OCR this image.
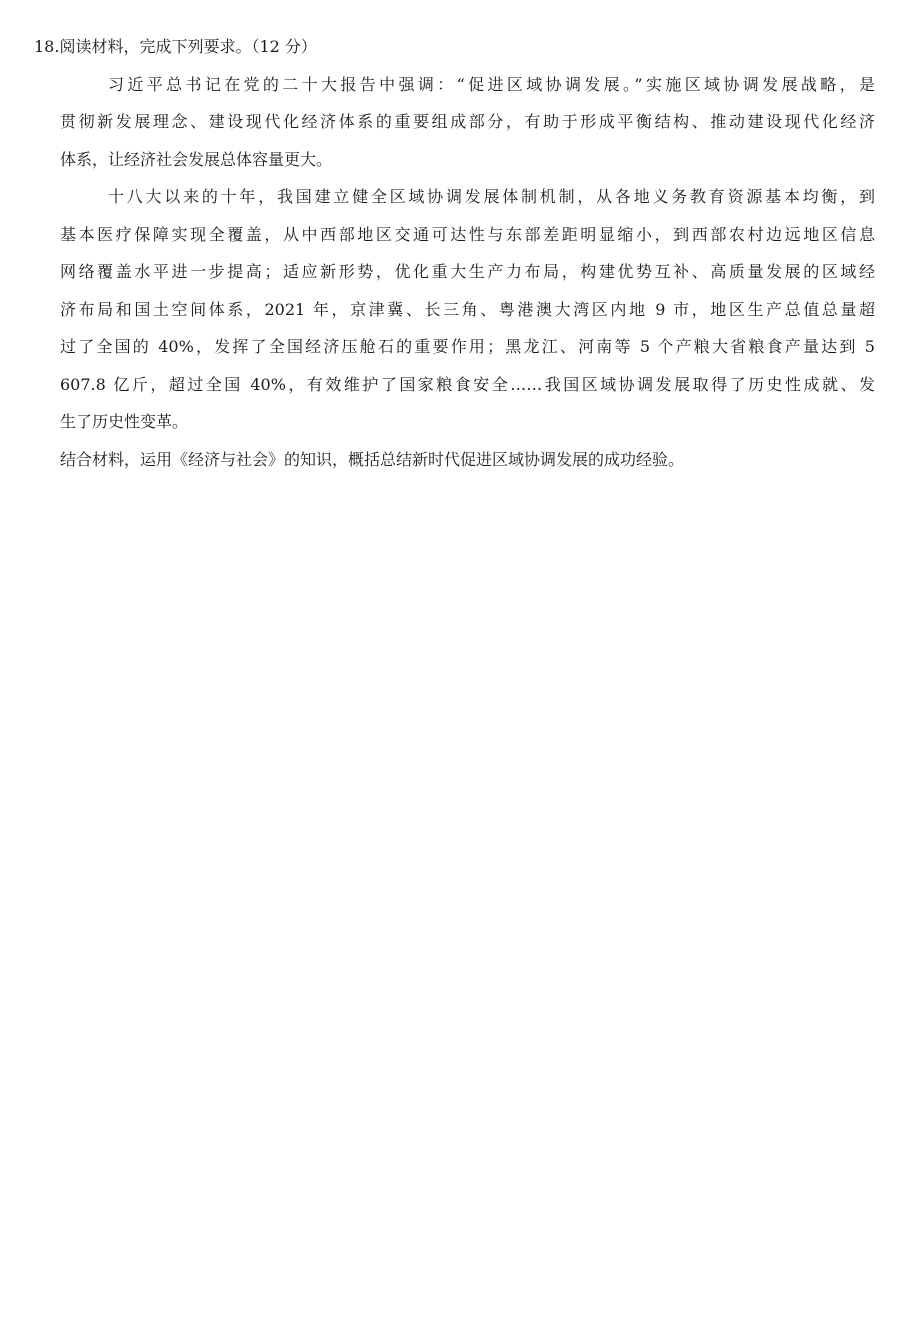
18.阅读材料，完成下列要求。（12 分）
习近平总书记在党的二十大报告中强调：“促进区域协调发展。”实施区域协调发展战略，是
贯彻新发展理念、建设现代化经济体系的重要组成部分，有助于形成平衡结构、推动建设现代化经济
体系，让经济社会发展总体容量更大。
十八大以来的十年，我国建立健全区域协调发展体制机制，从各地义务教育资源基本均衡，到
基本医疗保障实现全覆盖，从中西部地区交通可达性与东部差距明显缩小，到西部农村边远地区信息
网络覆盖水平进一步提高；适应新形势，优化重大生产力布局，构建优势互补、高质量发展的区域经
济布局和国土空间体系，2021 年，京津冀、长三角、粤港澳大湾区内地 9 市，地区生产总值总量超
过了全国的 40%，发挥了全国经济压舱石的重要作用；黑龙江、河南等 5 个产粮大省粮食产量达到 5
607.8 亿斤，超过全国 40%，有效维护了国家粮食安全……我国区域协调发展取得了历史性成就、发
生了历史性变革。
结合材料，运用《经济与社会》的知识，概括总结新时代促进区域协调发展的成功经验。
